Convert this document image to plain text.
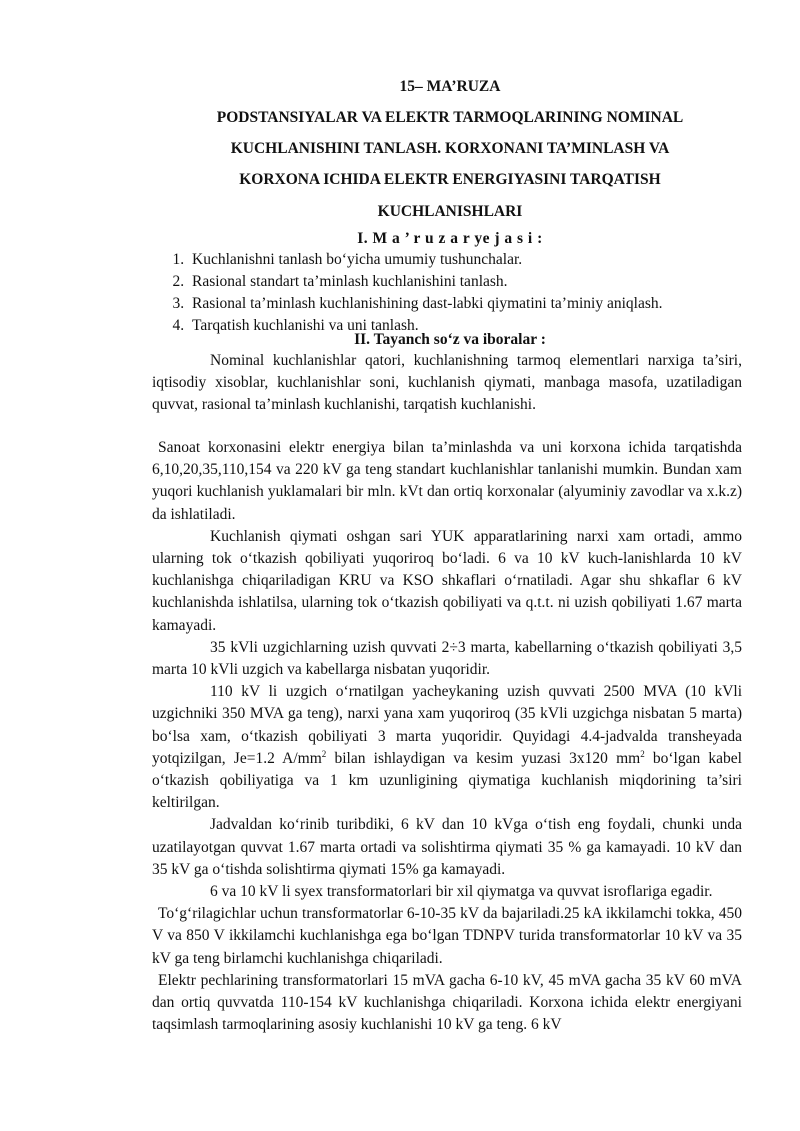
15– MA’RUZA
PODSTANSIYALAR VA ELEKTR TARMOQLARINING NOMINAL
KUCHLANISHINI TANLASH. KORXONANI TA’MINLASH VA
KORXONA ICHIDA ELEKTR ENERGIYASINI TARQATISH
KUCHLANISHLARI
I. M a ’ r u z a r ye j a s i :
1. Kuchlanishni tanlash bo‘yicha umumiy tushunchalar.
2. Rasional standart ta’minlash kuchlanishini tanlash.
3. Rasional ta’minlash kuchlanishining dast-labki qiymatini ta’miniy aniqlash.
4. Tarqatish kuchlanishi va uni tanlash.
II. Tayanch so‘z va iboralar :

Nominal kuchlanishlar qatori, kuchlanishning tarmoq elementlari narxiga ta’siri, iqtisodiy xisoblar, kuchlanishlar soni, kuchlanish qiymati, manbaga masofa, uzatiladigan quvvat, rasional ta’minlash kuchlanishi, tarqatish kuchlanishi.

Sanoat korxonasini elektr energiya bilan ta’minlashda va uni korxona ichida tarqatishda 6,10,20,35,110,154 va 220 kV ga teng standart kuchlanishlar tanlanishi mumkin. Bundan xam yuqori kuchlanish yuklamalari bir mln. kVt dan ortiq korxonalar (alyuminiy zavodlar va x.k.z) da ishlatiladi.

Kuchlanish qiymati oshgan sari YUK apparatlarining narxi xam ortadi, ammo ularning tok o‘tkazish qobiliyati yuqoriroq bo‘ladi. 6 va 10 kV kuch-lanishlarda 10 kV kuchlanishga chiqariladigan KRU va KSO shkaflari o‘rnatiladi. Agar shu shkaflar 6 kV kuchlanishda ishlatilsa, ularning tok o‘tkazish qobiliyati va q.t.t. ni uzish qobiliyati 1.67 marta kamayadi.

35 kVli uzgichlarning uzish quvvati 2÷3 marta, kabellarning o‘tkazish qobiliyati 3,5 marta 10 kVli uzgich va kabellarga nisbatan yuqoridir.

110 kV li uzgich o‘rnatilgan yacheykaning uzish quvvati 2500 MVA (10 kVli uzgichniki 350 MVA ga teng), narxi yana xam yuqoriroq (35 kVli uzgichga nisbatan 5 marta) bo‘lsa xam, o‘tkazish qobiliyati 3 marta yuqoridir. Quyidagi 4.4-jadvalda transheyada yotqizilgan, Je=1.2 $A/mm^2$ bilan ishlaydigan va kesim yuzasi 3x120 $mm^2$ bo‘lgan kabel o‘tkazish qobiliyatiga va 1 km uzunligining qiymatiga kuchlanish miqdorining ta’siri keltirilgan.

Jadvaldan ko‘rinib turibdiki, 6 kV dan 10 kVga o‘tish eng foydali, chunki unda uzatilayotgan quvvat 1.67 marta ortadi va solishtirma qiymati 35 % ga kamayadi. 10 kV dan 35 kV ga o‘tishda solishtirma qiymati 15% ga kamayadi.

6 va 10 kV li syex transformatorlari bir xil qiymatga va quvvat isroflariga egadir.

To‘g‘rilagichlar uchun transformatorlar 6-10-35 kV da bajariladi.25 kA ikkilamchi tokka, 450 V va 850 V ikkilamchi kuchlanishga ega bo‘lgan TDNPV turida transformatorlar 10 kV va 35 kV ga teng birlamchi kuchlanishga chiqariladi.

Elektr pechlarining transformatorlari 15 mVA gacha 6-10 kV, 45 mVA gacha 35 kV 60 mVA dan ortiq quvvatda 110-154 kV kuchlanishga chiqariladi. Korxona ichida elektr energiyani taqsimlash tarmoqlarining asosiy kuchlanishi 10 kV ga teng. 6 kV
